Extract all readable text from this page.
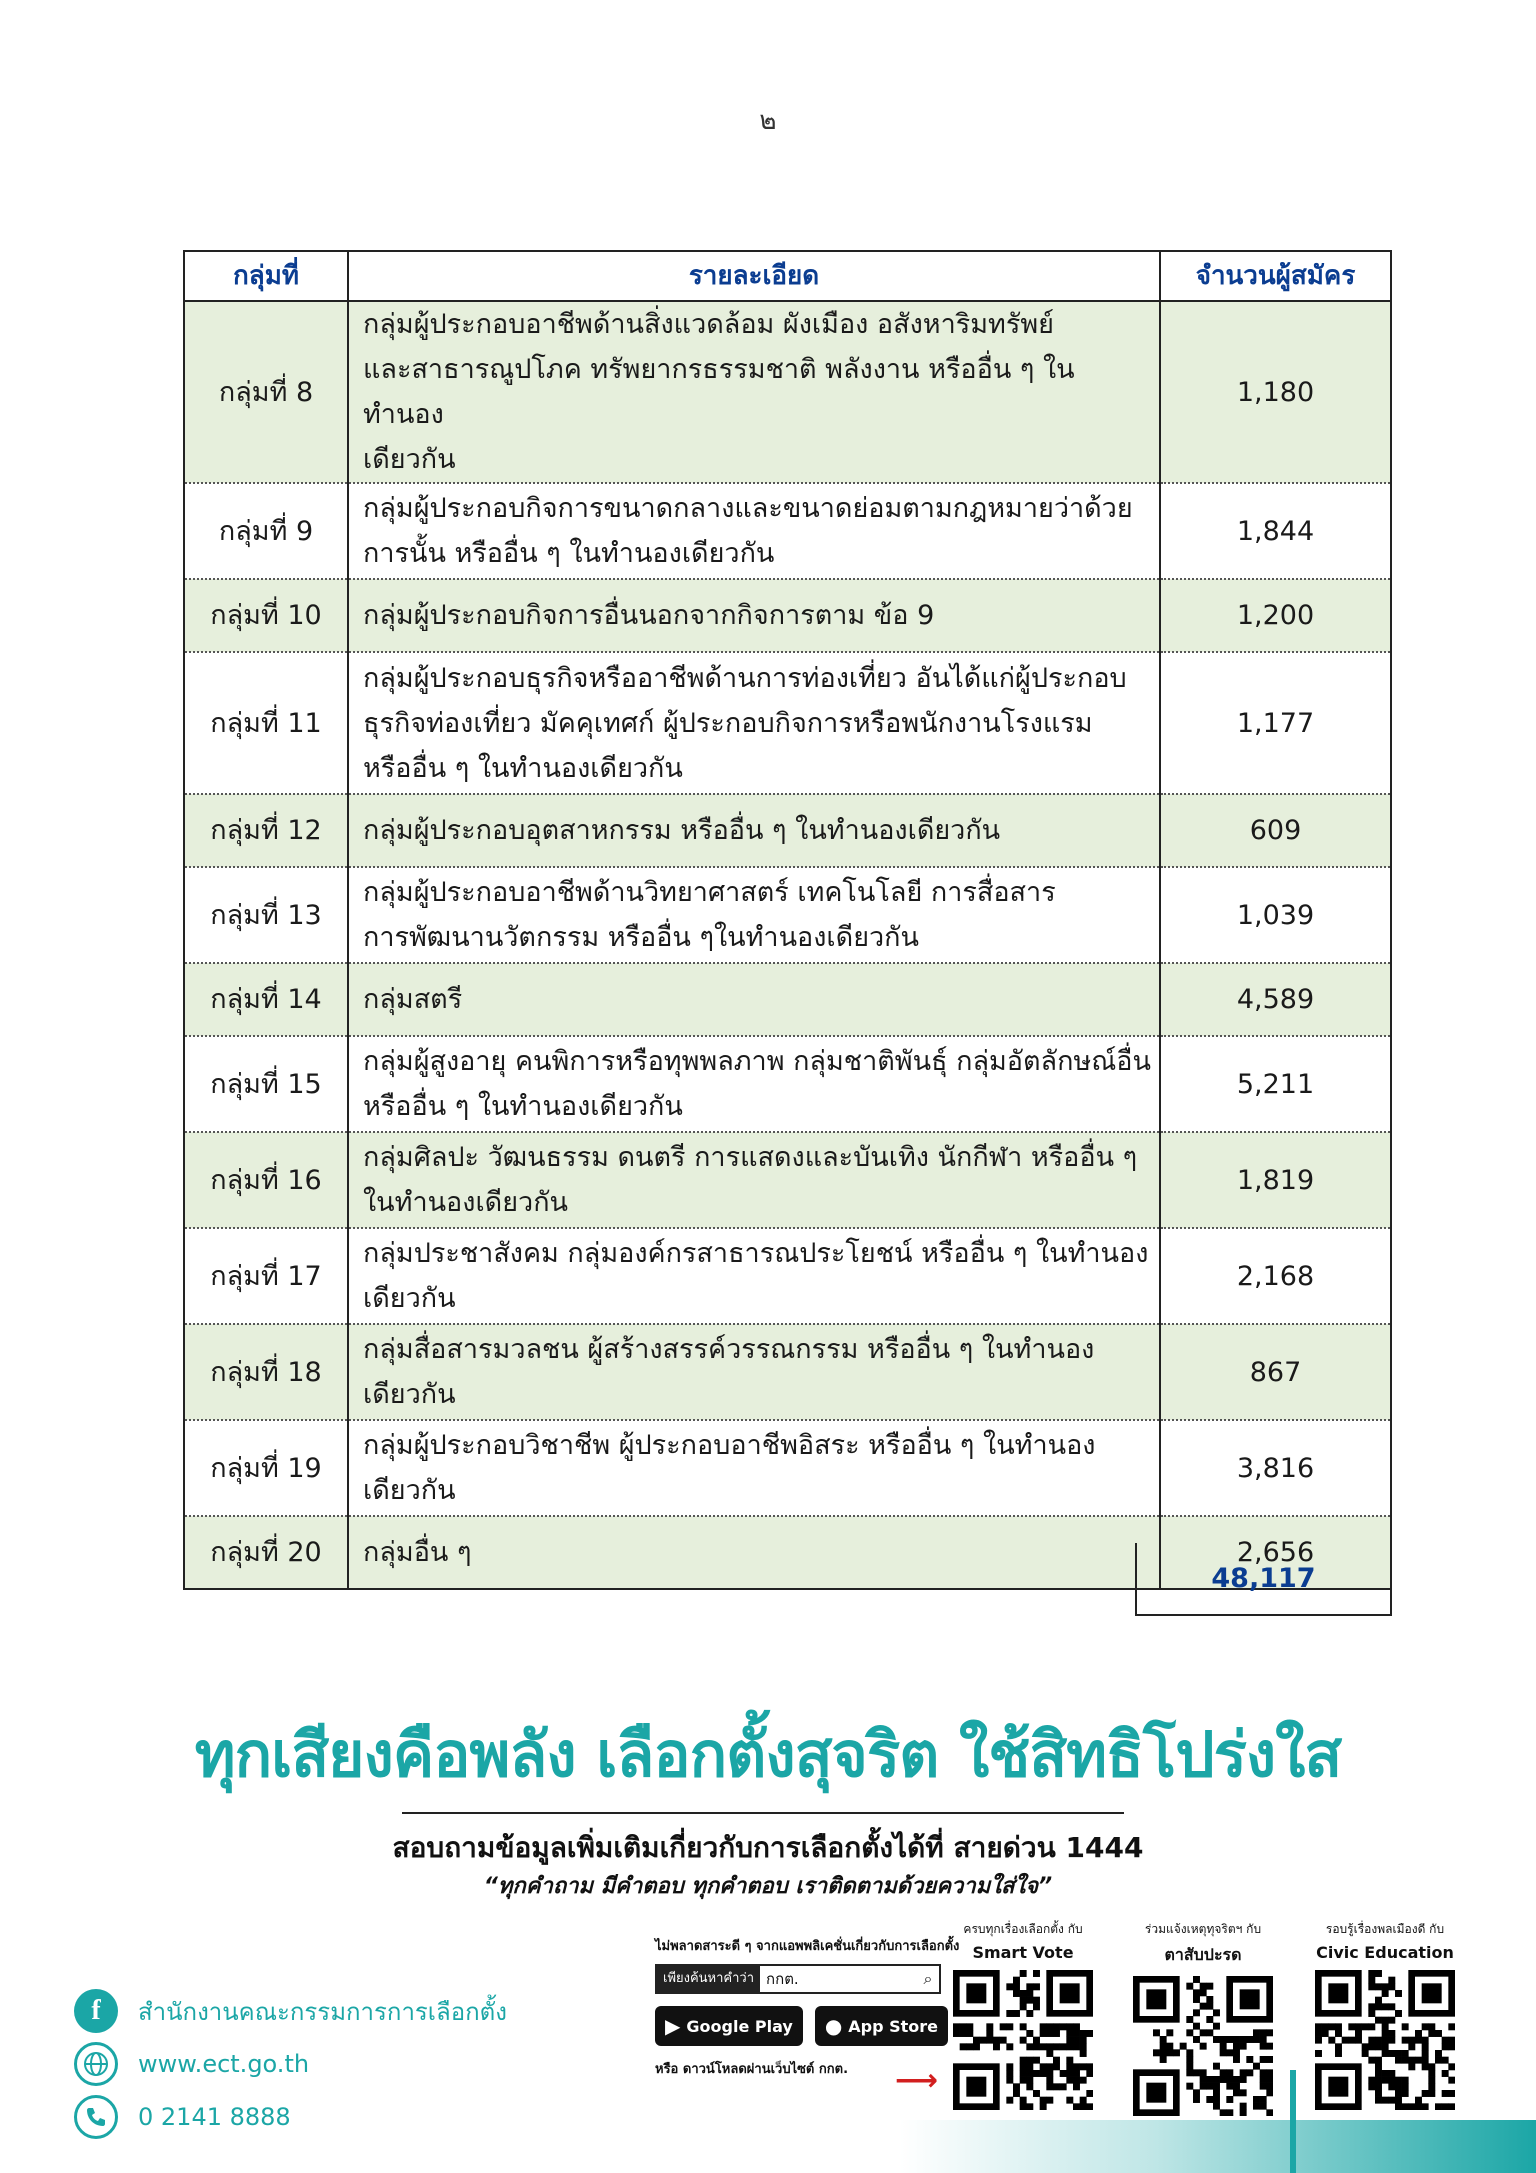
๒
กลุ่มที่	รายละเอียด	จำนวนผู้สมัคร
กลุ่มที่ 8	กลุ่มผู้ประกอบอาชีพด้านสิ่งแวดล้อม ผังเมือง อสังหาริมทรัพย์
และสาธารณูปโภค ทรัพยากรธรรมชาติ พลังงาน หรืออื่น ๆ ในทำนอง
เดียวกัน	1,180
กลุ่มที่ 9	กลุ่มผู้ประกอบกิจการขนาดกลางและขนาดย่อมตามกฎหมายว่าด้วย
การนั้น หรืออื่น ๆ ในทำนองเดียวกัน	1,844
กลุ่มที่ 10	กลุ่มผู้ประกอบกิจการอื่นนอกจากกิจการตาม ข้อ 9	1,200
กลุ่มที่ 11	กลุ่มผู้ประกอบธุรกิจหรืออาชีพด้านการท่องเที่ยว อันได้แก่ผู้ประกอบ
ธุรกิจท่องเที่ยว มัคคุเทศก์ ผู้ประกอบกิจการหรือพนักงานโรงแรม
หรืออื่น ๆ ในทำนองเดียวกัน	1,177
กลุ่มที่ 12	กลุ่มผู้ประกอบอุตสาหกรรม หรืออื่น ๆ ในทำนองเดียวกัน	609
กลุ่มที่ 13	กลุ่มผู้ประกอบอาชีพด้านวิทยาศาสตร์ เทคโนโลยี การสื่อสาร
การพัฒนานวัตกรรม หรืออื่น ๆในทำนองเดียวกัน	1,039
กลุ่มที่ 14	กลุ่มสตรี	4,589
กลุ่มที่ 15	กลุ่มผู้สูงอายุ คนพิการหรือทุพพลภาพ กลุ่มชาติพันธุ์ กลุ่มอัตลักษณ์อื่น
หรืออื่น ๆ ในทำนองเดียวกัน	5,211
กลุ่มที่ 16	กลุ่มศิลปะ วัฒนธรรม ดนตรี การแสดงและบันเทิง นักกีฬา หรืออื่น ๆ
ในทำนองเดียวกัน	1,819
กลุ่มที่ 17	กลุ่มประชาสังคม กลุ่มองค์กรสาธารณประโยชน์ หรืออื่น ๆ ในทำนอง
เดียวกัน	2,168
กลุ่มที่ 18	กลุ่มสื่อสารมวลชน ผู้สร้างสรรค์วรรณกรรม หรืออื่น ๆ ในทำนอง
เดียวกัน	867
กลุ่มที่ 19	กลุ่มผู้ประกอบวิชาชีพ ผู้ประกอบอาชีพอิสระ หรืออื่น ๆ ในทำนอง
เดียวกัน	3,816
กลุ่มที่ 20	กลุ่มอื่น ๆ	2,656
48,117
ทุกเสียงคือพลัง เลือกตั้งสุจริต ใช้สิทธิโปร่งใส
สอบถามข้อมูลเพิ่มเติมเกี่ยวกับการเลือกตั้งได้ที่ สายด่วน 1444
“ทุกคำถาม มีคำตอบ ทุกคำตอบ เราติดตามด้วยความใส่ใจ”
f	สำนักงานคณะกรรมการการเลือกตั้ง
www.ect.go.th
0 2141 8888
ไม่พลาดสาระดี ๆ จากแอพพลิเคชั่นเกี่ยวกับการเลือกตั้ง
เพียงค้นหาคำว่า กกต.	⌕
▶ Google Play ● App Store
หรือ ดาวน์โหลดผ่านเว็บไซต์ กกต.	⟶
ครบทุกเรื่องเลือกตั้ง กับ
Smart Vote
ร่วมแจ้งเหตุทุจริตฯ กับ
ตาสับปะรด
รอบรู้เรื่องพลเมืองดี กับ
Civic Education
